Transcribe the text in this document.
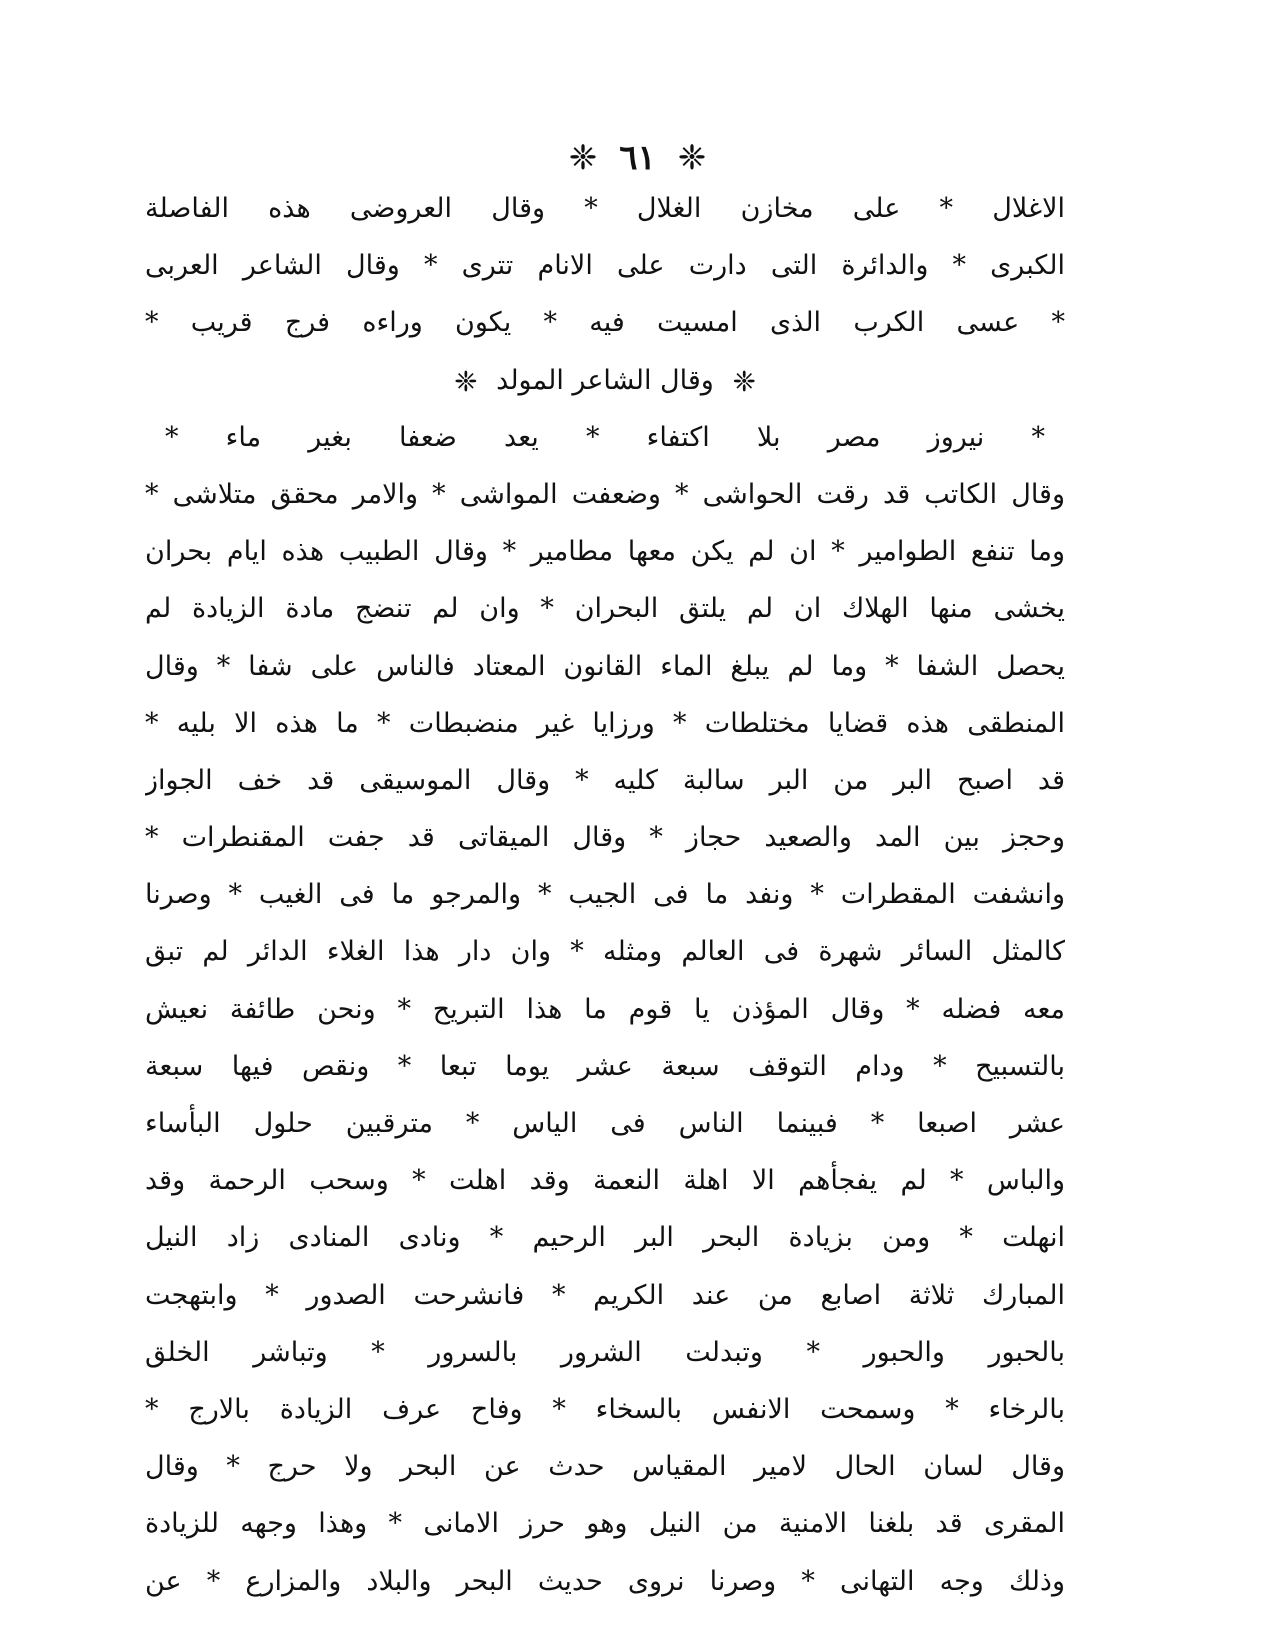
❈
٦١
❈
الاغلال * على مخازن الغلال * وقال العروضى هذه الفاصلة
الكبرى * والدائرة التى دارت على الانام تترى * وقال الشاعر العربى
* عسى الكرب الذى امسيت فيه * يكون وراءه فرج قريب *
❈ وقال الشاعر المولد ❈
* نيروز مصر بلا اكتفاء * يعد ضعفا بغير ماء *
وقال الكاتب قد رقت الحواشى * وضعفت المواشى * والامر محقق متلاشى *
وما تنفع الطوامير * ان لم يكن معها مطامير * وقال الطبيب هذه ايام بحران
يخشى منها الهلاك ان لم يلتق البحران * وان لم تنضج مادة الزيادة لم
يحصل الشفا * وما لم يبلغ الماء القانون المعتاد فالناس على شفا * وقال
المنطقى هذه قضايا مختلطات * ورزايا غير منضبطات * ما هذه الا بليه *
قد اصبح البر من البر سالبة كليه * وقال الموسيقى قد خف الجواز
وحجز بين المد والصعيد حجاز * وقال الميقاتى قد جفت المقنطرات *
وانشفت المقطرات * ونفد ما فى الجيب * والمرجو ما فى الغيب * وصرنا
كالمثل السائر شهرة فى العالم ومثله * وان دار هذا الغلاء الدائر لم تبق
معه فضله * وقال المؤذن يا قوم ما هذا التبريح * ونحن طائفة نعيش
بالتسبيح * ودام التوقف سبعة عشر يوما تبعا * ونقص فيها سبعة
عشر اصبعا * فبينما الناس فى الياس * مترقبين حلول البأساء
والباس * لم يفجأهم الا اهلة النعمة وقد اهلت * وسحب الرحمة وقد
انهلت * ومن بزيادة البحر البر الرحيم * ونادى المنادى زاد النيل
المبارك ثلاثة اصابع من عند الكريم * فانشرحت الصدور * وابتهجت
بالحبور والحبور * وتبدلت الشرور بالسرور * وتباشر الخلق
بالرخاء * وسمحت الانفس بالسخاء * وفاح عرف الزيادة بالارج *
وقال لسان الحال لامير المقياس حدث عن البحر ولا حرج * وقال
المقرى قد بلغنا الامنية من النيل وهو حرز الامانى * وهذا وجهه للزيادة
وذلك وجه التهانى * وصرنا نروى حديث البحر والبلاد والمزارع * عن
